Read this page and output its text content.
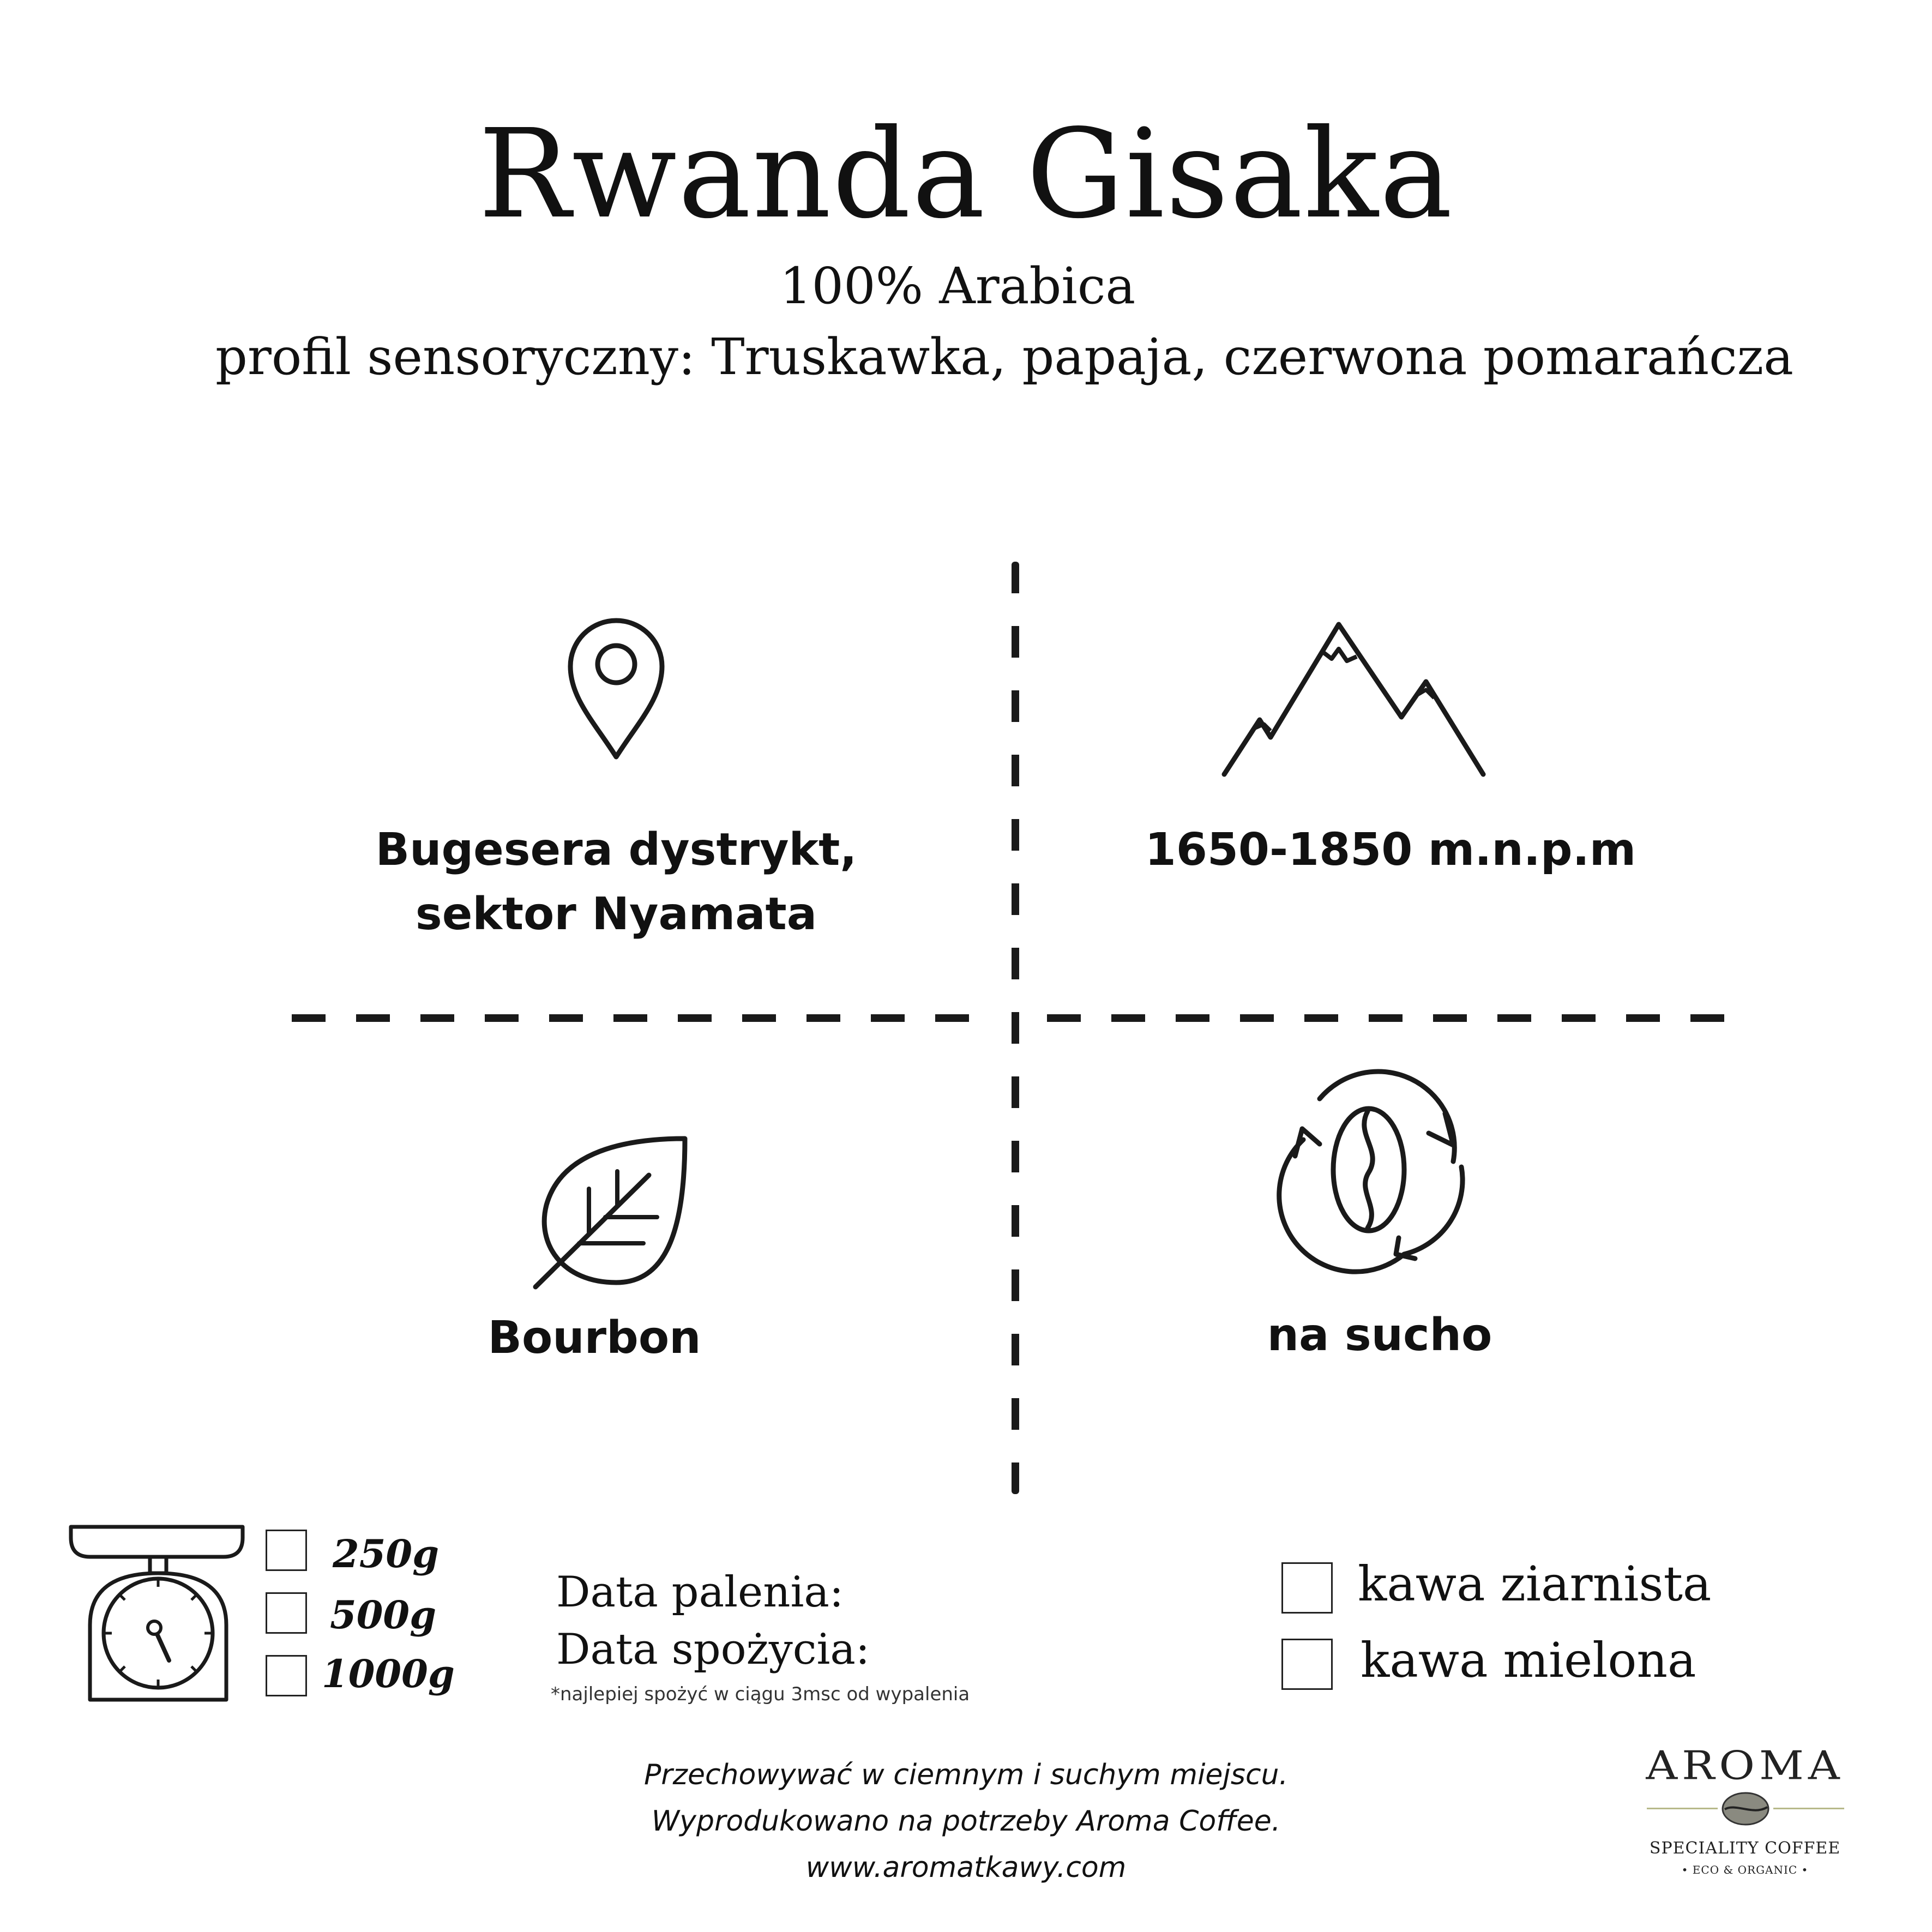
Rwanda Gisaka
100% Arabica
profil sensoryczny: Truskawka, papaja, czerwona pomarańcza
Bugesera dystrykt,
sektor Nyamata
1650-1850 m.n.p.m
Bourbon	na sucho
250g
500g
1000g
Data palenia:
Data spożycia:
*najlepiej spożyć w ciągu 3msc od wypalenia
kawa ziarnista
kawa mielona
Przechowywać w ciemnym i suchym miejscu.
Wyprodukowano na potrzeby Aroma Coffee.
www.aromatkawy.com
AROMA
SPECIALITY COFFEE
• ECO & ORGANIC •
